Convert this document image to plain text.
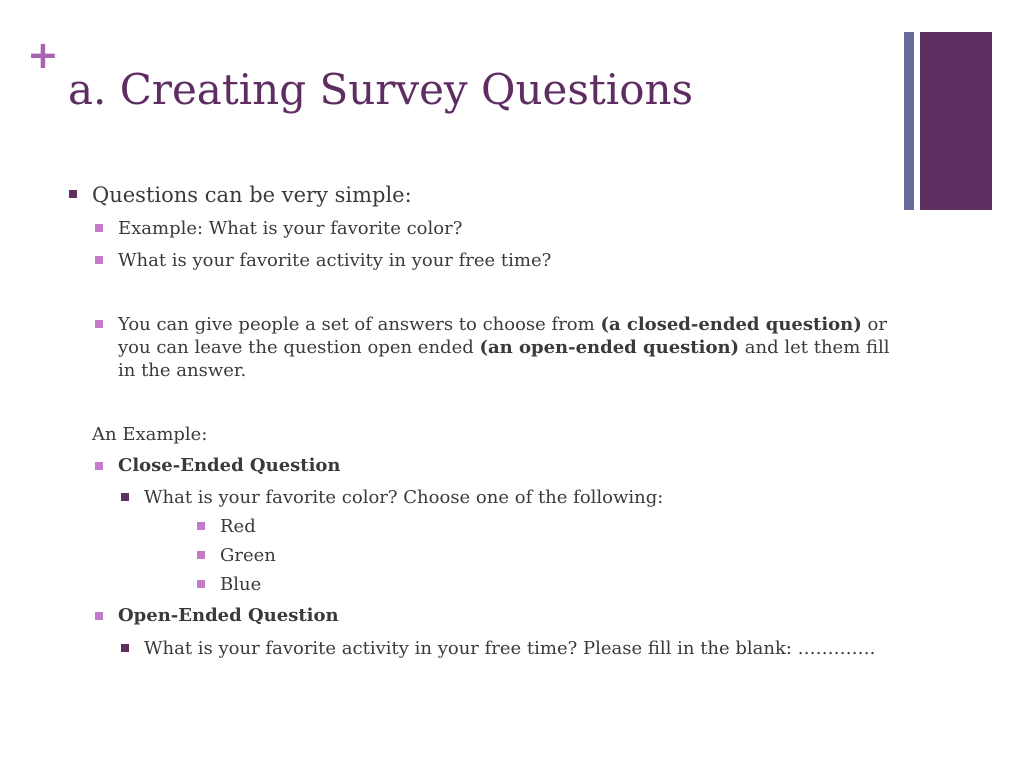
+
a. Creating Survey Questions

Questions can be very simple:

Example: What is your favorite color?

What is your favorite activity in your free time?

You can give people a set of answers to choose from (a closed-ended question) or you can leave the question open ended (an open-ended question) and let them fill in the answer.

An Example:

Close-Ended Question

What is your favorite color? Choose one of the following:

Red

Green

Blue

Open-Ended Question

What is your favorite activity in your free time? Please fill in the blank: ………….
